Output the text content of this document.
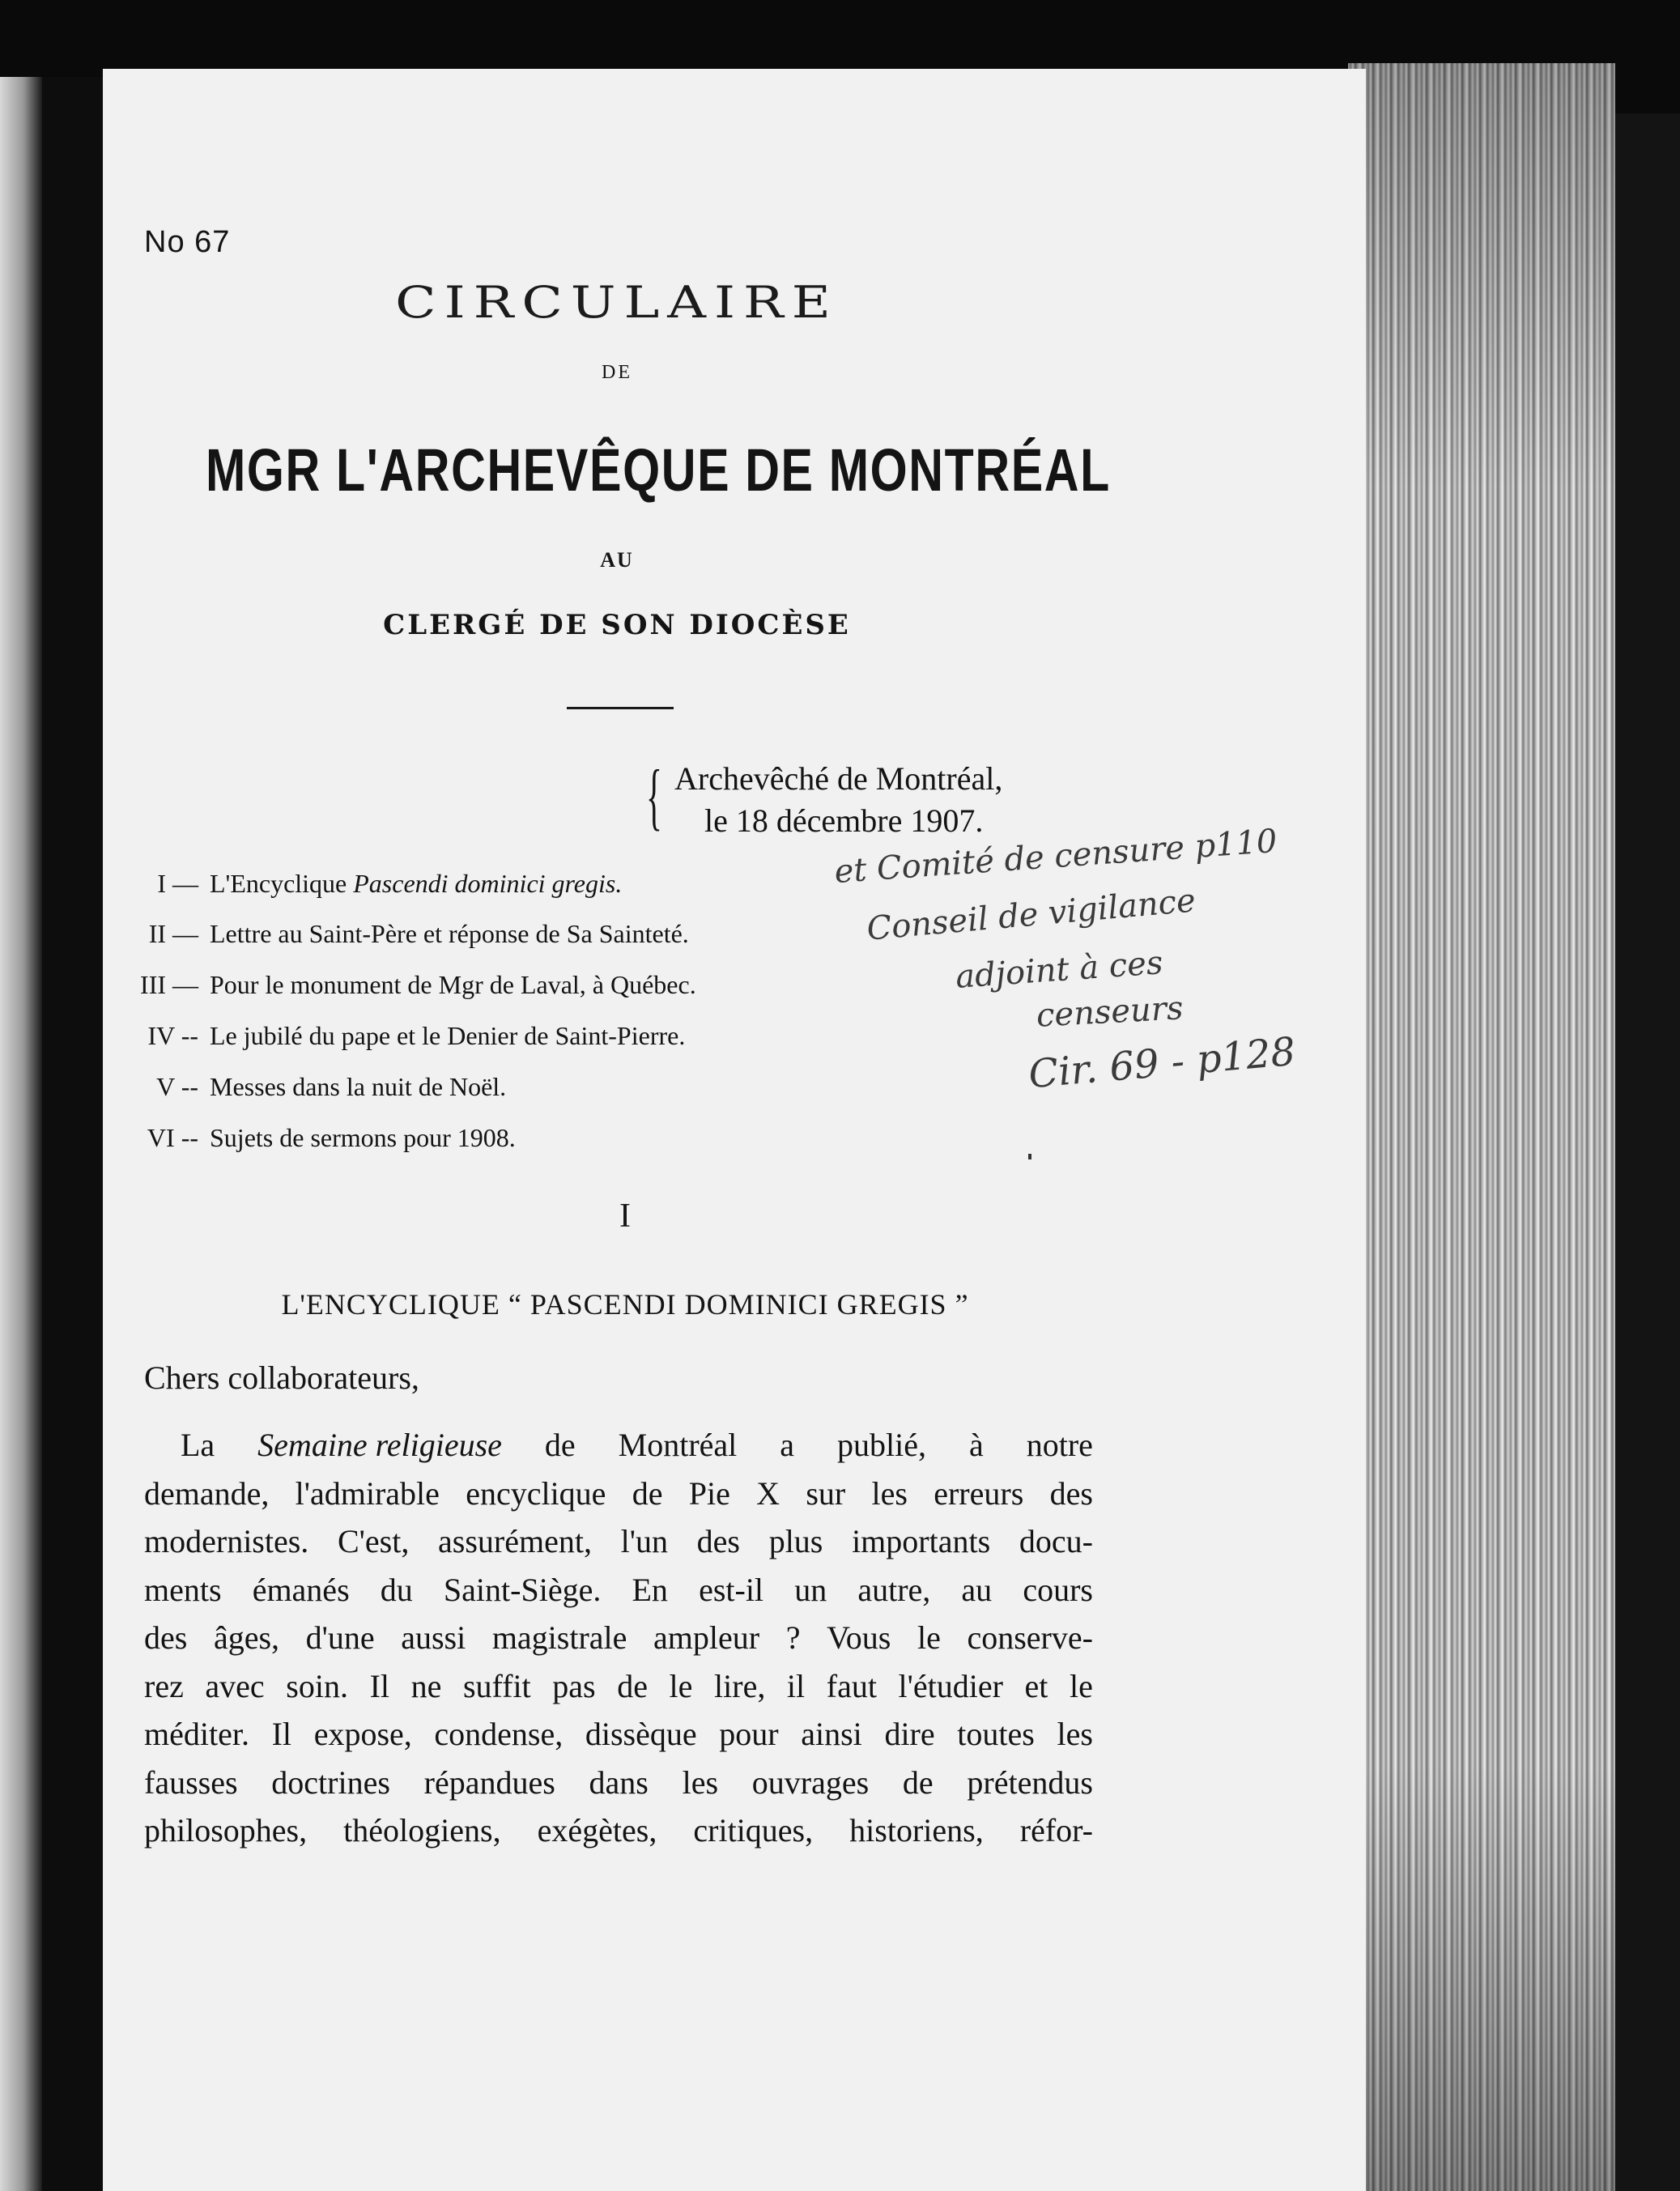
No 67
CIRCULAIRE
DE
MGR L'ARCHEVÊQUE DE MONTRÉAL
AU
CLERGÉ DE SON DIOCÈSE
{ Archevêché de Montréal,
le 18 décembre 1907.
I — L'Encyclique Pascendi dominici gregis.
II — Lettre au Saint-Père et réponse de Sa Sainteté.
III — Pour le monument de Mgr de Laval, à Québec.
IV -- Le jubilé du pape et le Denier de Saint-Pierre.
V -- Messes dans la nuit de Noël.
VI -- Sujets de sermons pour 1908.
et Comité de censure p110
Conseil de vigilance
adjoint à ces
censeurs
Cir. 69 - p128
I
L'ENCYCLIQUE “ PASCENDI DOMINICI GREGIS ”
Chers collaborateurs,
La Semaine religieuse de Montréal a publié, à notre
demande, l'admirable encyclique de Pie X sur les erreurs des
modernistes. C'est, assurément, l'un des plus importants docu-
ments émanés du Saint-Siège. En est-il un autre, au cours
des âges, d'une aussi magistrale ampleur ? Vous le conserve-
rez avec soin. Il ne suffit pas de le lire, il faut l'étudier et le
méditer. Il expose, condense, dissèque pour ainsi dire toutes les
fausses doctrines répandues dans les ouvrages de prétendus
philosophes, théologiens, exégètes, critiques, historiens, réfor-
